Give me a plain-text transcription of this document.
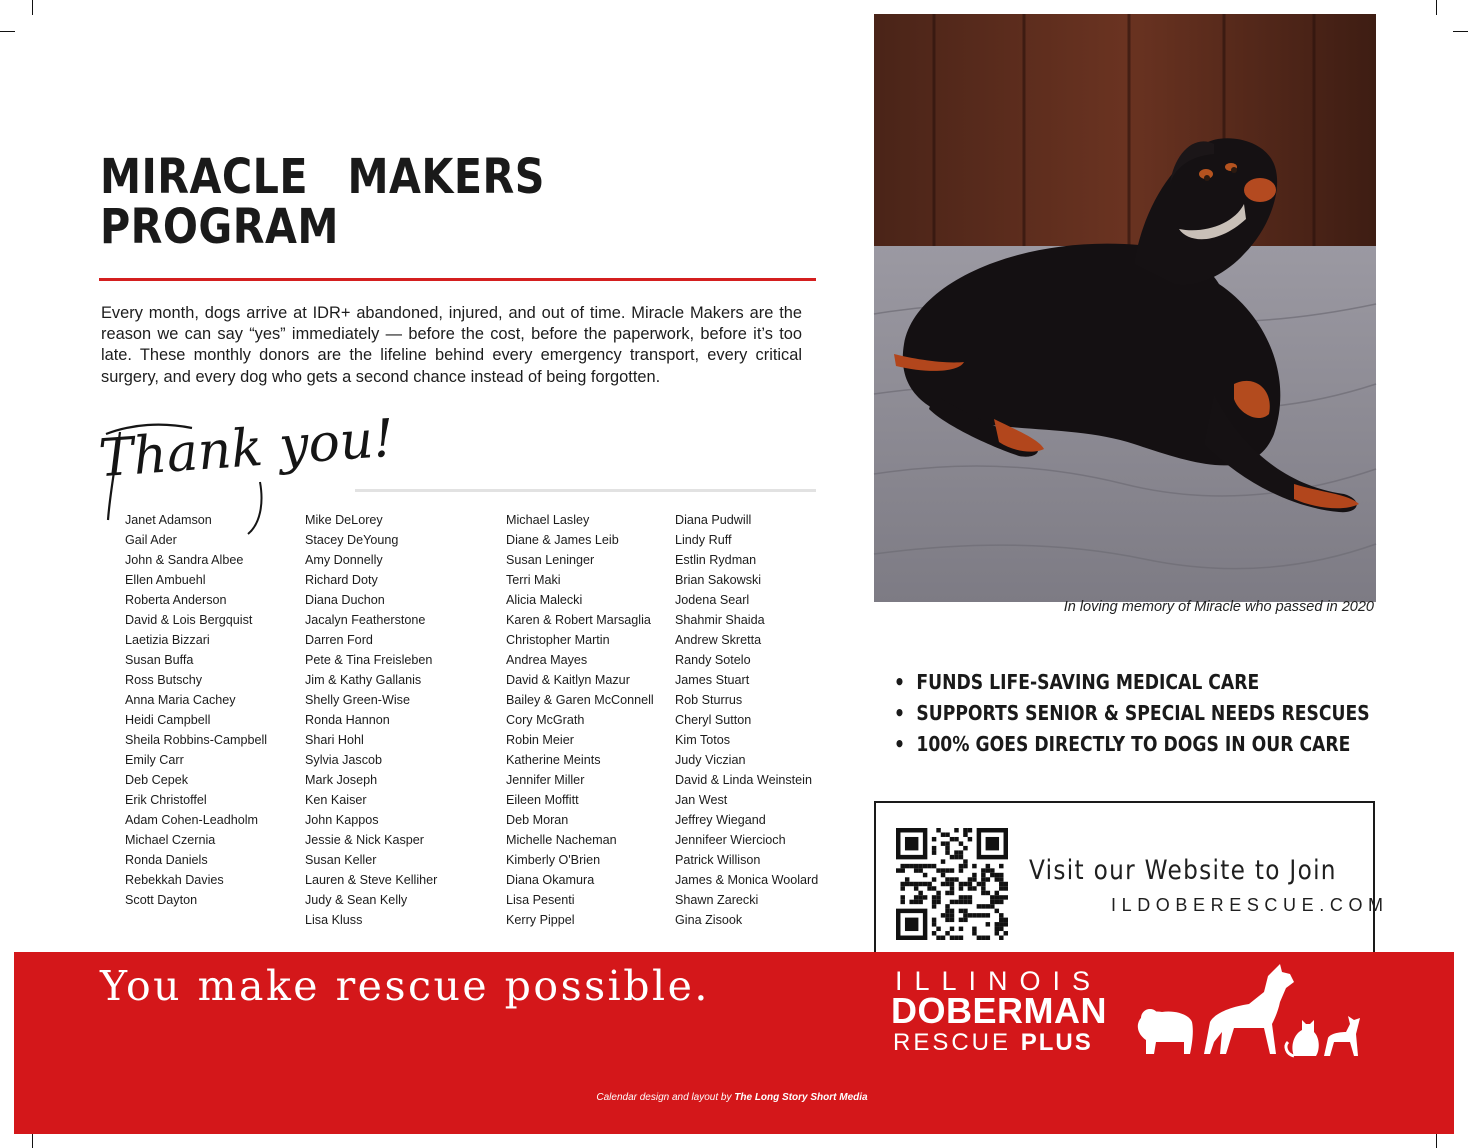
MIRACLE MAKERS
PROGRAM

Every month, dogs arrive at IDR+ abandoned, injured, and out of time. Miracle Makers are the reason we can say “yes” immediately — before the cost, before the paperwork, before it’s too late. These monthly donors are the lifeline behind every emergency transport, every critical surgery, and every dog who gets a second chance instead of being forgotten.

Thank you!
Janet Adamson
Gail Ader
John & Sandra Albee
Ellen Ambuehl
Roberta Anderson
David & Lois Bergquist
Laetizia Bizzari
Susan Buffa
Ross Butschy
Anna Maria Cachey
Heidi Campbell
Sheila Robbins-Campbell
Emily Carr
Deb Cepek
Erik Christoffel
Adam Cohen-Leadholm
Michael Czernia
Ronda Daniels
Rebekkah Davies
Scott Dayton
Mike DeLorey
Stacey DeYoung
Amy Donnelly
Richard Doty
Diana Duchon
Jacalyn Featherstone
Darren Ford
Pete & Tina Freisleben
Jim & Kathy Gallanis
Shelly Green-Wise
Ronda Hannon
Shari Hohl
Sylvia Jascob
Mark Joseph
Ken Kaiser
John Kappos
Jessie & Nick Kasper
Susan Keller
Lauren & Steve Kelliher
Judy & Sean Kelly
Lisa Kluss
Michael Lasley
Diane & James Leib
Susan Leninger
Terri Maki
Alicia Malecki
Karen & Robert Marsaglia
Christopher Martin
Andrea Mayes
David & Kaitlyn Mazur
Bailey & Garen McConnell
Cory McGrath
Robin Meier
Katherine Meints
Jennifer Miller
Eileen Moffitt
Deb Moran
Michelle Nacheman
Kimberly O'Brien
Diana Okamura
Lisa Pesenti
Kerry Pippel
Diana Pudwill
Lindy Ruff
Estlin Rydman
Brian Sakowski
Jodena Searl
Shahmir Shaida
Andrew Skretta
Randy Sotelo
James Stuart
Rob Sturrus
Cheryl Sutton
Kim Totos
Judy Viczian
David & Linda Weinstein
Jan West
Jeffrey Wiegand
Jennifeer Wiercioch
Patrick Willison
James & Monica Woolard
Shawn Zarecki
Gina Zisook

In loving memory of Miracle who passed in 2020

• FUNDS LIFE-SAVING MEDICAL CARE
• SUPPORTS SENIOR & SPECIAL NEEDS RESCUES
• 100% GOES DIRECTLY TO DOGS IN OUR CARE
Visit our Website to Join
ILDOBERESCUE.COM
You make rescue possible.	ILLINOIS
DOBERMAN
RESCUE PLUS
Calendar design and layout by The Long Story Short Media
